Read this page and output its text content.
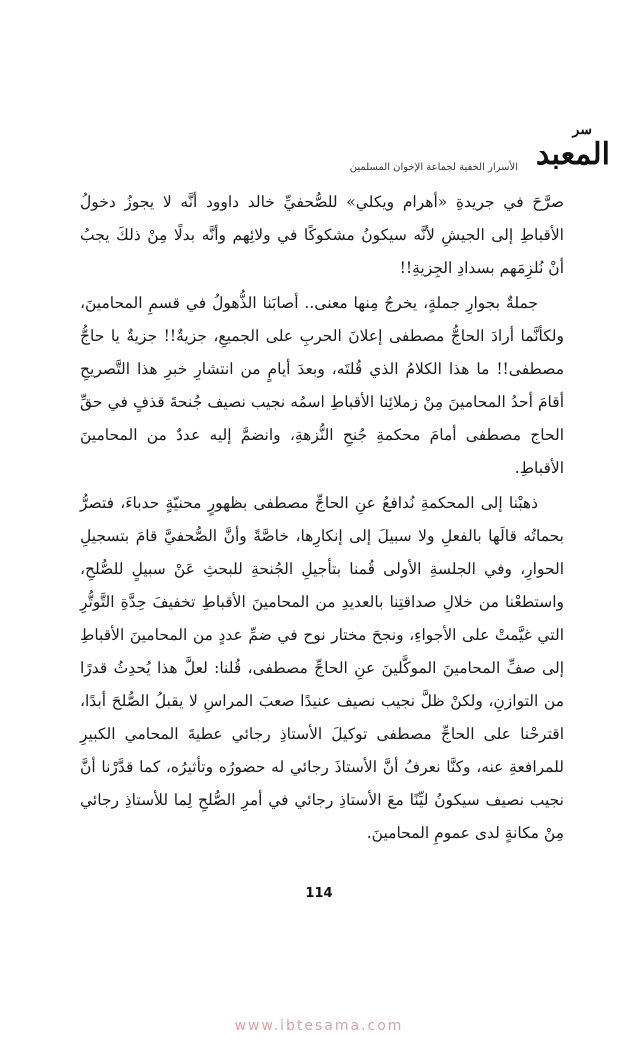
سر
المعبد
الأسرار الخفية لجماعة الإخوان المسلمين

صرَّحَ في جريدةِ «أهرام ويكلي» للصُّحفيِّ خالد داوود أنَّه لا يجوزُ دخولُ الأقباطِ إلى الجيشِ لأنَّه سيكونُ مشكوكًا في ولائِهم وأنَّه بدلًا مِنْ ذلكَ يجبُ أنْ نُلزِمَهم بسدادِ الجِزيةِ!!

جملةٌ بجوارِ جملةٍ، يخرجُ مِنها معنى.. أصابَنا الذُّهولُ في قسمِ المحامينَ، ولكأنَّما أرادَ الحاجُّ مصطفى إعلانَ الحربِ على الجميعِ، جزيةٌ!! جزيةٌ يا حاجُّ مصطفى!! ما هذا الكلامُ الذي قُلتَه، وبعدَ أيامٍ من انتشارِ خبرِ هذا التَّصريحِ أقامَ أحدُ المحامينَ مِنْ زملائِنا الأقباطِ اسمُه نجيب نصيف جُنحةَ قذفٍ في حقِّ الحاج مصطفى أمامَ محكمةِ جُنحِ النُّزهةِ، وانضمَّ إليه عددٌ من المحامينَ الأقباطِ.

ذهبْنا إلى المحكمةِ نُدافعُ عنِ الحاجِّ مصطفى بظهورٍ محنيّةٍ حدباءَ، فتصرُّ بحماتُه قالَها بالفعلِ ولا سبيلَ إلى إنكارِها، خاصَّةً وأنَّ الصُّحفيَّ قامَ بتسجيلِ الحوارِ، وفي الجلسةِ الأولى قُمنا بتأجيلِ الجُنحةِ للبحثِ عَنْ سبيلٍ للصُّلحِ، واستطعْنا من خلالِ صداقتِنا بالعديدِ من المحامينَ الأقباطِ تخفيفَ حِدَّةِ التَّوتُّرِ التي غيَّمتْ على الأجواءِ، ونجحَ مختار نوح في ضمِّ عددٍ من المحامينَ الأقباطِ إلى صفِّ المحامينَ الموكَّلينَ عنِ الحاجِّ مصطفى، قُلنا: لعلَّ هذا يُحدِثُ قدرًا من التوازنِ، ولكنْ ظلَّ نجيب نصيف عنيدًا صعبَ المراسِ لا يقبلُ الصُّلحَ أبدًا، اقترحْنا على الحاجِّ مصطفى توكيلَ الأستاذِ رجائي عطيةَ المحامي الكبيرِ للمرافعةِ عنه، وكنَّا نعرفُ أنَّ الأستاذَ رجائي له حضورُه وتأثيرُه، كما قدَّرْنا أنَّ نجيب نصيف سيكونُ ليِّنًا معَ الأستاذِ رجائي في أمرِ الصُّلحِ لِما للأستاذِ رجائي مِنْ مكانةٍ لدى عمومِ المحامينَ.

114
www.ibtesama.com
